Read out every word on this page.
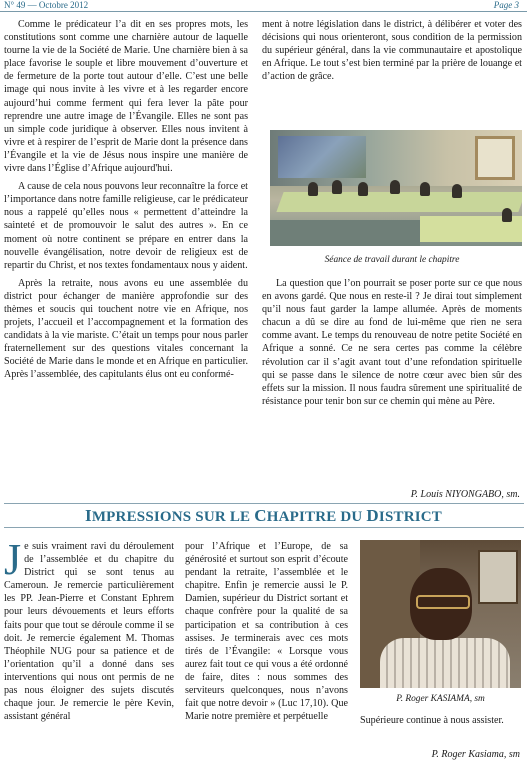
N° 49 — Octobre 2012	Page 3

Comme le prédicateur l’a dit en ses propres mots, les constitutions sont comme une charnière autour de laquelle tourne la vie de la Société de Marie. Une charnière bien à sa place favorise le souple et libre mouvement d’ouverture et de fermeture de la porte tout autour d’elle. C’est une belle image qui nous invite à les vivre et à les regarder encore aujourd’hui comme ferment qui fera lever la pâte pour reprendre une autre image de l’Évangile. Elles ne sont pas un simple code juridique à observer. Elles nous invitent à vivre et à respirer de l’esprit de Marie dont la présence dans l’Évangile et la vie de Jésus nous inspire une manière de vivre dans l’Église d’Afrique aujourd'hui.

A cause de cela nous pouvons leur reconnaître la force et l’importance dans notre famille religieuse, car le prédicateur nous a rappelé qu’elles nous « permettent d’atteindre la sainteté et de promouvoir le salut des autres ». En ce moment où notre continent se prépare en entrer dans la nouvelle évangélisation, notre devoir de religieux est de repartir du Christ, et nos textes fondamentaux nous y aident.

Après la retraite, nous avons eu une assemblée du district pour échanger de manière approfondie sur des thèmes et soucis qui touchent notre vie en Afrique, nos projets, l’accueil et l’accompagnement et la formation des candidats à la vie mariste. C’était un temps pour nous parler fraternellement sur des questions vitales concernant la Société de Marie dans le monde et en Afrique en particulier. Après l’assemblée, des capitulants élus ont eu conformé-

ment à notre législation dans le district, à délibérer et voter des décisions qui nous orienteront, sous condition de la permission du supérieur général, dans la vie communautaire et apostolique en Afrique. Le tout s’est bien terminé par la prière de louange et d’action de grâce.

Séance de travail durant le chapitre

La question que l’on pourrait se poser porte sur ce que nous en avons gardé. Que nous en reste-il ? Je dirai tout simplement qu’il nous faut garder la lampe allumée. Après de moments chacun a dû se dire au fond de lui-même que rien ne sera comme avant. Le temps du renouveau de notre petite Société en Afrique a sonné. Ce ne sera certes pas comme la célèbre révolution car il s’agit avant tout d’une refondation spirituelle qui se passe dans le silence de notre cœur avec bien sûr des effets sur la mission. Il nous faudra sûrement une spiritualité de résistance pour tenir bon sur ce chemin qui mène au Père.

P. Louis NIYONGABO, sm.
IMPRESSIONS SUR LE CHAPITRE DU DISTRICT

Je suis vraiment ravi du déroulement de l’assemblée et du chapitre du District qui se sont tenus au Cameroun. Je remercie particulièrement les PP. Jean-Pierre et Constant Ephrem pour leurs dévouements et leurs efforts faits pour que tout se déroule comme il se doit. Je remercie également M. Thomas Théophile NUG pour sa patience et de l’orientation qu’il a donné dans ses interventions qui nous ont permis de ne pas nous éloigner des sujets discutés chaque jour. Je remercie le père Kevin, assistant général

pour l’Afrique et l’Europe, de sa générosité et surtout son esprit d’écoute pendant la retraite, l’assemblée et le chapitre. Enfin je remercie aussi le P. Damien, supérieur du District sortant et chaque confrère pour la qualité de sa participation et sa contribution à ces assises. Je terminerais avec ces mots tirés de l’Évangile: « Lorsque vous aurez fait tout ce qui vous a été ordonné de faire, dites : nous sommes des serviteurs quelconques, nous n’avons fait que notre devoir » (Luc 17,10). Que Marie notre première et perpétuelle

P. Roger KASIAMA, sm
Supérieure continue à nous assister.
P. Roger Kasiama, sm
